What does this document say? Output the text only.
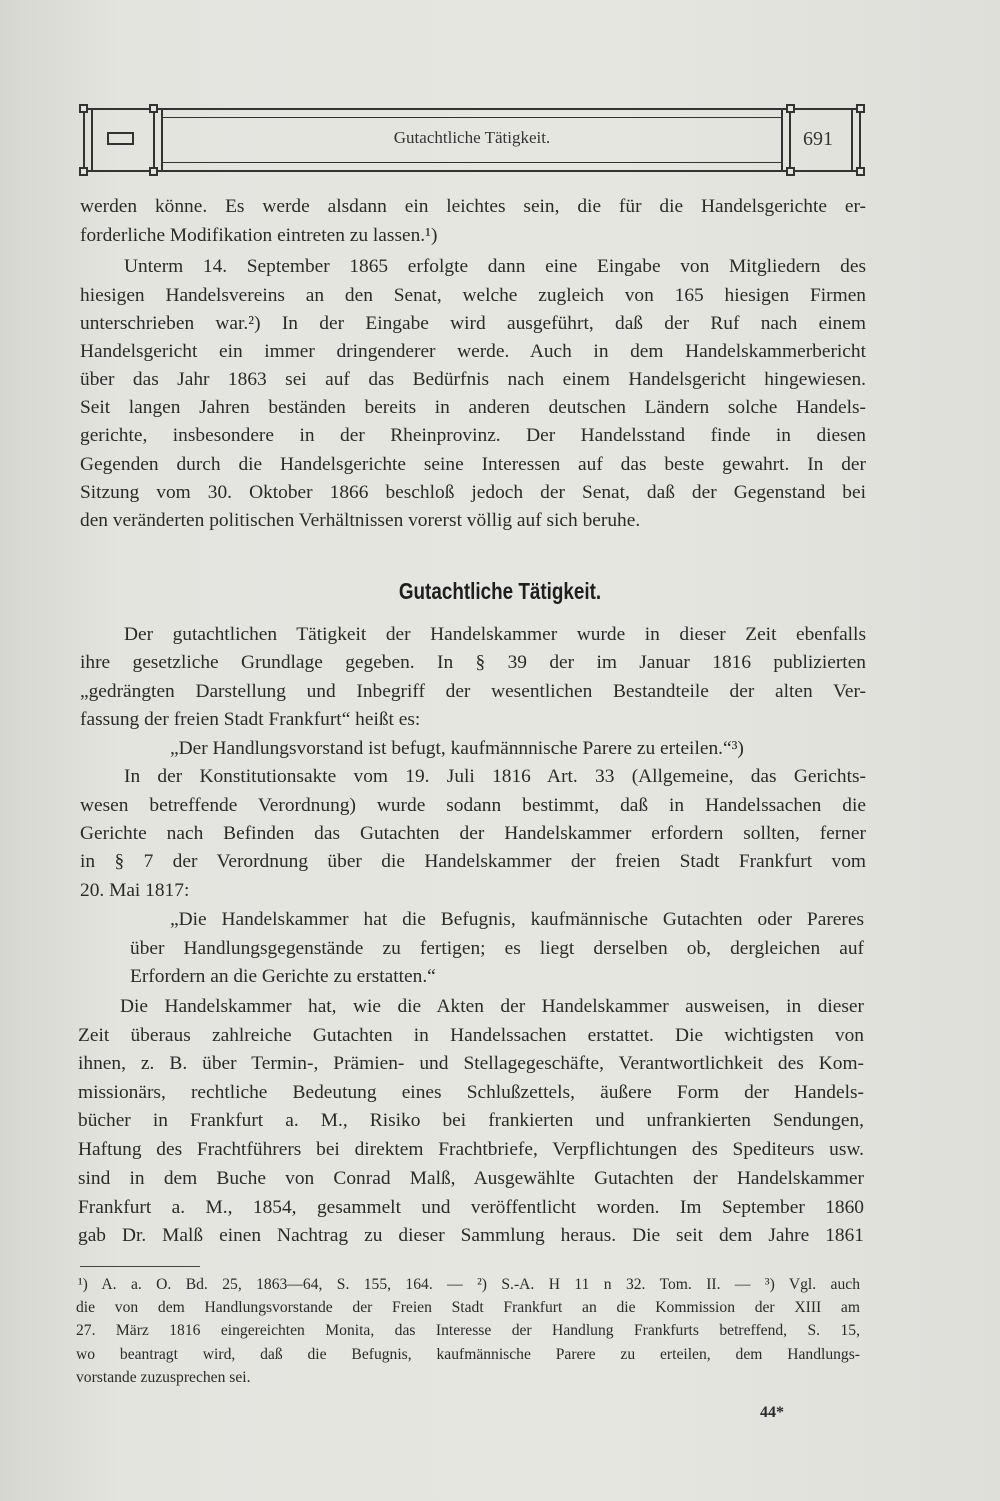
Gutachtliche Tätigkeit.	691
werden könne. Es werde alsdann ein leichtes sein, die für die Handelsgerichte er-
forderliche Modifikation eintreten zu lassen.¹)
Unterm 14. September 1865 erfolgte dann eine Eingabe von Mitgliedern des
hiesigen Handelsvereins an den Senat, welche zugleich von 165 hiesigen Firmen
unterschrieben war.²) In der Eingabe wird ausgeführt, daß der Ruf nach einem
Handelsgericht ein immer dringenderer werde. Auch in dem Handelskammerbericht
über das Jahr 1863 sei auf das Bedürfnis nach einem Handelsgericht hingewiesen.
Seit langen Jahren beständen bereits in anderen deutschen Ländern solche Handels-
gerichte, insbesondere in der Rheinprovinz. Der Handelsstand finde in diesen
Gegenden durch die Handelsgerichte seine Interessen auf das beste gewahrt. In der
Sitzung vom 30. Oktober 1866 beschloß jedoch der Senat, daß der Gegenstand bei
den veränderten politischen Verhältnissen vorerst völlig auf sich beruhe.
Gutachtliche Tätigkeit.
Der gutachtlichen Tätigkeit der Handelskammer wurde in dieser Zeit ebenfalls
ihre gesetzliche Grundlage gegeben. In § 39 der im Januar 1816 publizierten
„gedrängten Darstellung und Inbegriff der wesentlichen Bestandteile der alten Ver-
fassung der freien Stadt Frankfurt“ heißt es:
„Der Handlungsvorstand ist befugt, kaufmännnische Parere zu erteilen.“³)
In der Konstitutionsakte vom 19. Juli 1816 Art. 33 (Allgemeine, das Gerichts-
wesen betreffende Verordnung) wurde sodann bestimmt, daß in Handelssachen die
Gerichte nach Befinden das Gutachten der Handelskammer erfordern sollten, ferner
in § 7 der Verordnung über die Handelskammer der freien Stadt Frankfurt vom
20. Mai 1817:
„Die Handelskammer hat die Befugnis, kaufmännische Gutachten oder Pareres
über Handlungsgegenstände zu fertigen; es liegt derselben ob, dergleichen auf
Erfordern an die Gerichte zu erstatten.“
Die Handelskammer hat, wie die Akten der Handelskammer ausweisen, in dieser
Zeit überaus zahlreiche Gutachten in Handelssachen erstattet. Die wichtigsten von
ihnen, z. B. über Termin-, Prämien- und Stellagegeschäfte, Verantwortlichkeit des Kom-
missionärs, rechtliche Bedeutung eines Schlußzettels, äußere Form der Handels-
bücher in Frankfurt a. M., Risiko bei frankierten und unfrankierten Sendungen,
Haftung des Frachtführers bei direktem Frachtbriefe, Verpflichtungen des Spediteurs usw.
sind in dem Buche von Conrad Malß, Ausgewählte Gutachten der Handelskammer
Frankfurt a. M., 1854, gesammelt und veröffentlicht worden. Im September 1860
gab Dr. Malß einen Nachtrag zu dieser Sammlung heraus. Die seit dem Jahre 1861
¹) A. a. O. Bd. 25, 1863—64, S. 155, 164. — ²) S.-A. H 11 n 32. Tom. II. — ³) Vgl. auch
die von dem Handlungsvorstande der Freien Stadt Frankfurt an die Kommission der XIII am
27. März 1816 eingereichten Monita, das Interesse der Handlung Frankfurts betreffend, S. 15,
wo beantragt wird, daß die Befugnis, kaufmännische Parere zu erteilen, dem Handlungs-
vorstande zuzusprechen sei.
44*
